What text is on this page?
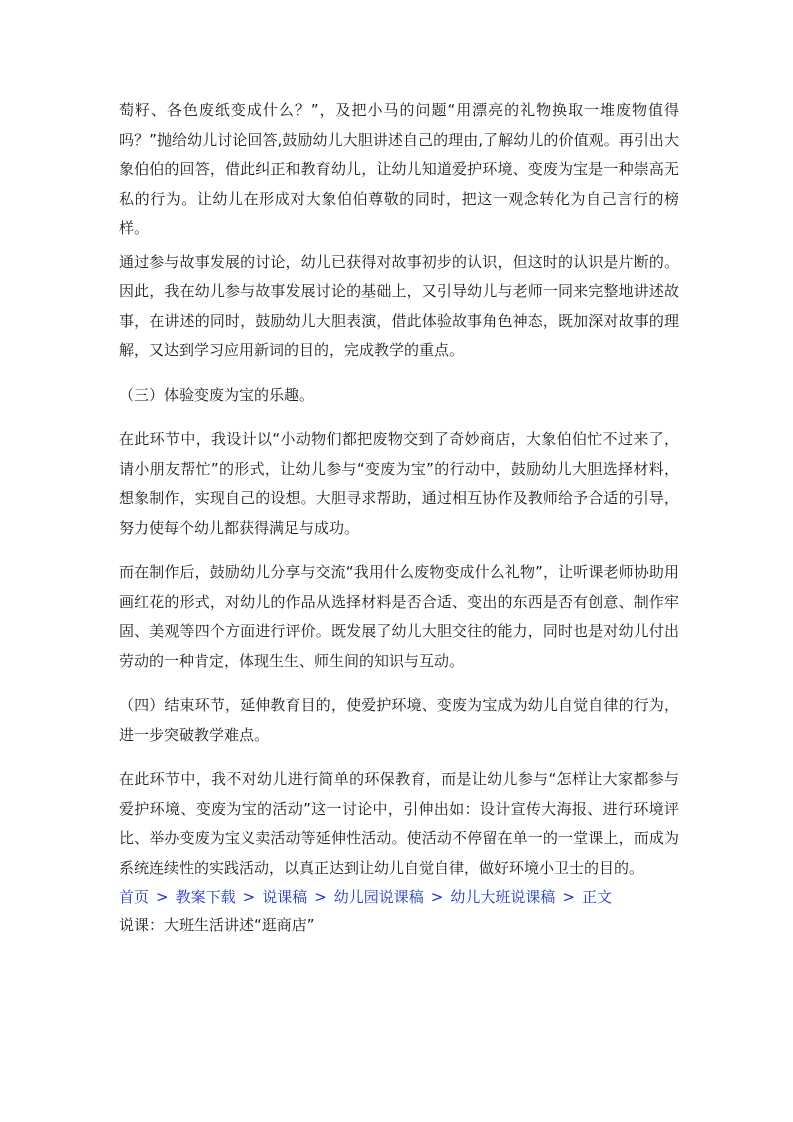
萄籽、各色废纸变成什么？”，及把小马的问题“用漂亮的礼物换取一堆废物值得吗？”抛给幼儿讨论回答,鼓励幼儿大胆讲述自己的理由,了解幼儿的价值观。再引出大象伯伯的回答，借此纠正和教育幼儿，让幼儿知道爱护环境、变废为宝是一种崇高无私的行为。让幼儿在形成对大象伯伯尊敬的同时，把这一观念转化为自己言行的榜样。

通过参与故事发展的讨论，幼儿已获得对故事初步的认识，但这时的认识是片断的。因此，我在幼儿参与故事发展讨论的基础上，又引导幼儿与老师一同来完整地讲述故事，在讲述的同时，鼓励幼儿大胆表演，借此体验故事角色神态，既加深对故事的理解，又达到学习应用新词的目的，完成教学的重点。

（三）体验变废为宝的乐趣。

在此环节中，我设计以“小动物们都把废物交到了奇妙商店，大象伯伯忙不过来了，请小朋友帮忙”的形式，让幼儿参与“变废为宝”的行动中，鼓励幼儿大胆选择材料，想象制作，实现自己的设想。大胆寻求帮助，通过相互协作及教师给予合适的引导，努力使每个幼儿都获得满足与成功。

而在制作后，鼓励幼儿分享与交流“我用什么废物变成什么礼物”，让听课老师协助用画红花的形式，对幼儿的作品从选择材料是否合适、变出的东西是否有创意、制作牢固、美观等四个方面进行评价。既发展了幼儿大胆交往的能力，同时也是对幼儿付出劳动的一种肯定，体现生生、师生间的知识与互动。

（四）结束环节，延伸教育目的，使爱护环境、变废为宝成为幼儿自觉自律的行为，进一步突破教学难点。

在此环节中，我不对幼儿进行简单的环保教育，而是让幼儿参与“怎样让大家都参与爱护环境、变废为宝的活动”这一讨论中，引伸出如：设计宣传大海报、进行环境评比、举办变废为宝义卖活动等延伸性活动。使活动不停留在单一的一堂课上，而成为系统连续性的实践活动，以真正达到让幼儿自觉自律，做好环境小卫士的目的。

首页 > 教案下载 > 说课稿 > 幼儿园说课稿 > 幼儿大班说课稿 > 正文
说课：大班生活讲述“逛商店”
